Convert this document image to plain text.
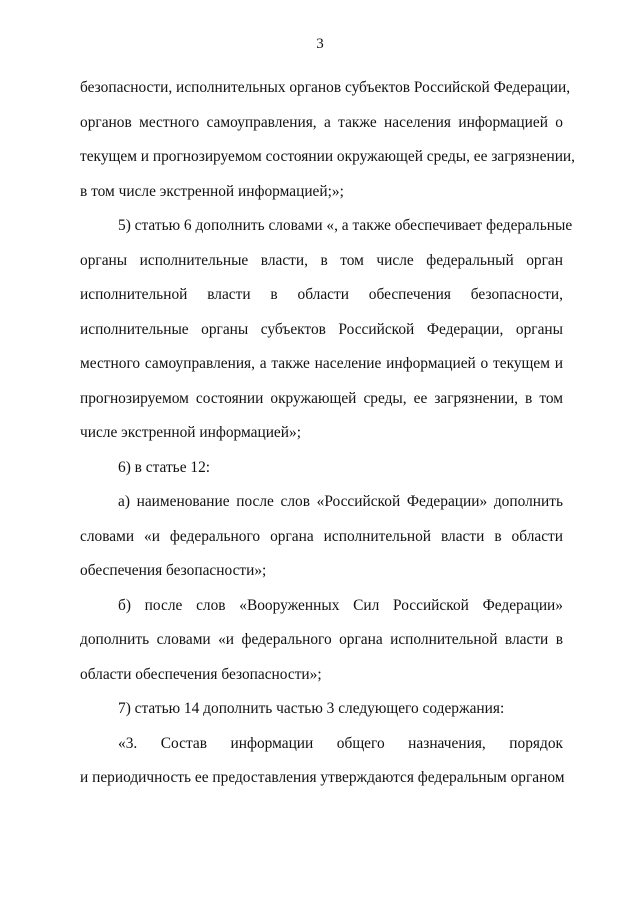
3
безопасности, исполнительных органов субъектов Российской Федерации,
органов местного самоуправления, а также населения информацией о
текущем и прогнозируемом состоянии окружающей среды, ее загрязнении,
в том числе экстренной информацией;»;
5) статью 6 дополнить словами «, а также обеспечивает федеральные
органы исполнительные власти, в том числе федеральный орган
исполнительной власти в области обеспечения безопасности,
исполнительные органы субъектов Российской Федерации, органы
местного самоуправления, а также население информацией о текущем и
прогнозируемом состоянии окружающей среды, ее загрязнении, в том
числе экстренной информацией»;
6) в статье 12:
а) наименование после слов «Российской Федерации» дополнить
словами «и федерального органа исполнительной власти в области
обеспечения безопасности»;
б) после слов «Вооруженных Сил Российской Федерации»
дополнить словами «и федерального органа исполнительной власти в
области обеспечения безопасности»;
7) статью 14 дополнить частью 3 следующего содержания:
«3. Состав информации общего назначения, порядок
и периодичность ее предоставления утверждаются федеральным органом
